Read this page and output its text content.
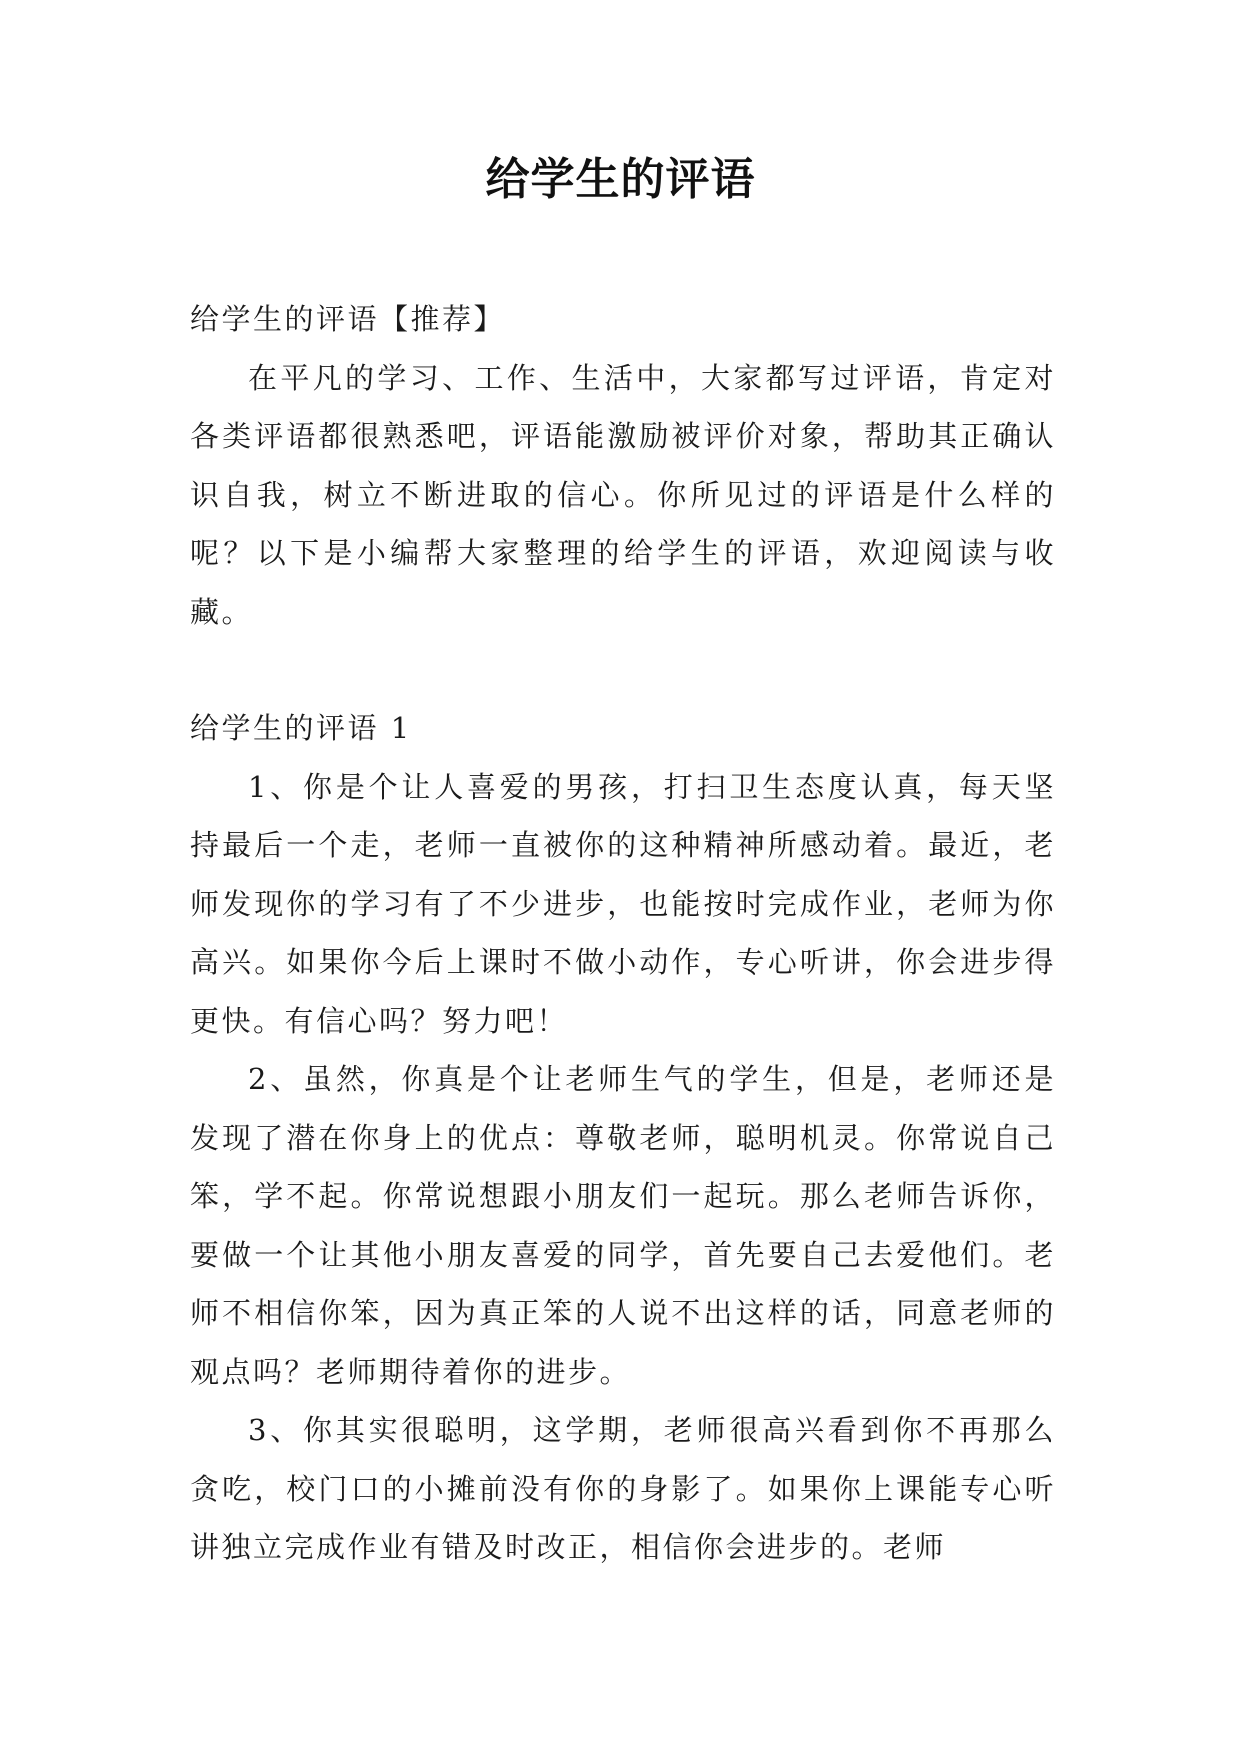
给学生的评语

给学生的评语【推荐】

在平凡的学习、工作、生活中，大家都写过评语，肯定对各类评语都很熟悉吧，评语能激励被评价对象，帮助其正确认识自我，树立不断进取的信心。你所见过的评语是什么样的呢？以下是小编帮大家整理的给学生的评语，欢迎阅读与收藏。

给学生的评语 1

1、你是个让人喜爱的男孩，打扫卫生态度认真，每天坚持最后一个走，老师一直被你的这种精神所感动着。最近，老师发现你的学习有了不少进步，也能按时完成作业，老师为你高兴。如果你今后上课时不做小动作，专心听讲，你会进步得更快。有信心吗？努力吧！

2、虽然，你真是个让老师生气的学生，但是，老师还是发现了潜在你身上的优点：尊敬老师，聪明机灵。你常说自己笨，学不起。你常说想跟小朋友们一起玩。那么老师告诉你，要做一个让其他小朋友喜爱的同学，首先要自己去爱他们。老师不相信你笨，因为真正笨的人说不出这样的话，同意老师的观点吗？老师期待着你的进步。

3、你其实很聪明，这学期，老师很高兴看到你不再那么贪吃，校门口的小摊前没有你的身影了。如果你上课能专心听讲独立完成作业有错及时改正，相信你会进步的。老师
